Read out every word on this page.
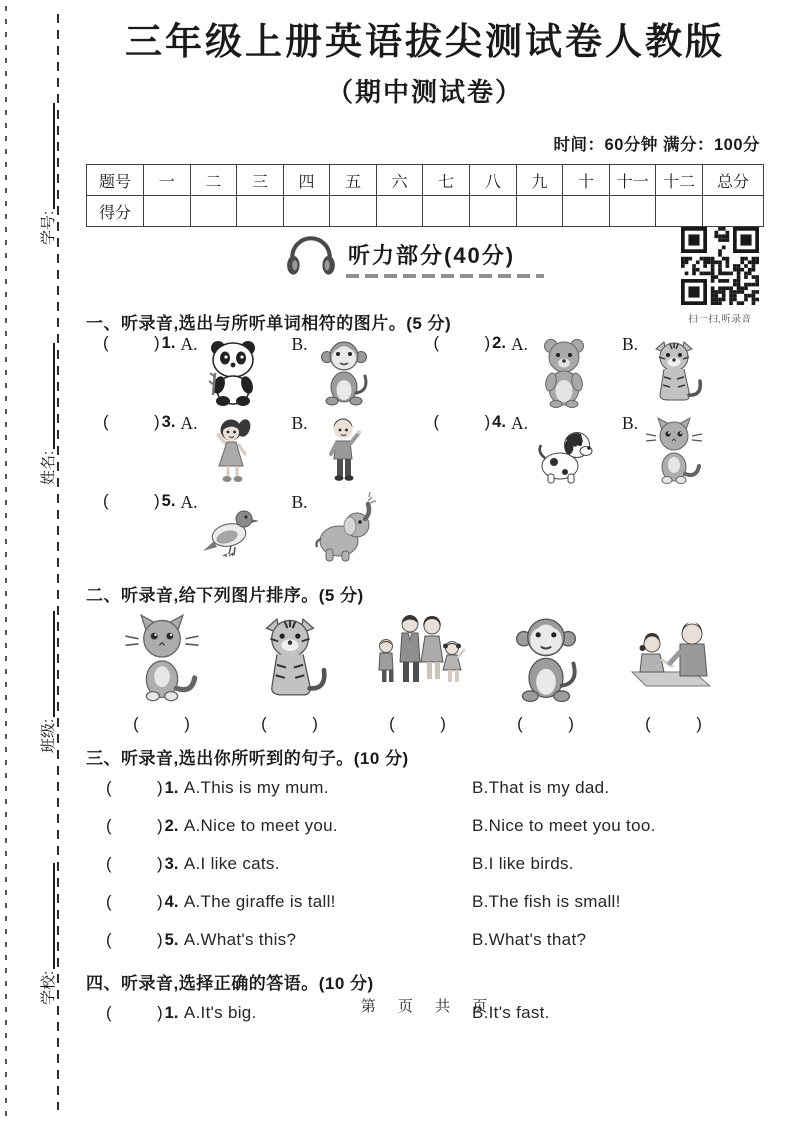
学号:
姓名:
班级:
学校:
三年级上册英语拔尖测试卷人教版
（期中测试卷）
时间：60分钟 满分：100分
题号	一	二	三	四	五	六	七	八	九	十	十一	十二	总分
得分													
听力部分(40分)
扫一扫,听录音
一、听录音,选出与所听单词相符的图片。(5 分)
(        ) 1. A.	B.	(        ) 2. A.	B.
(        ) 3. A.	B.	(        ) 4. A.	B.
(        ) 5. A.	B.
二、听录音,给下列图片排序。(5 分)
(        )	(        )	(        )	(        )	(        )
三、听录音,选出你所听到的句子。(10 分)
(        )1. A.This is my mum.	B.That is my dad.
(        )2. A.Nice to meet you.	B.Nice to meet you too.
(        )3. A.I like cats.	B.I like birds.
(        )4. A.The giraffe is tall!	B.The fish is small!
(        )5. A.What's this?	B.What's that?
四、听录音,选择正确的答语。(10 分)
(        )1. A.It's big.	B.It's fast.
第 页 共 页
